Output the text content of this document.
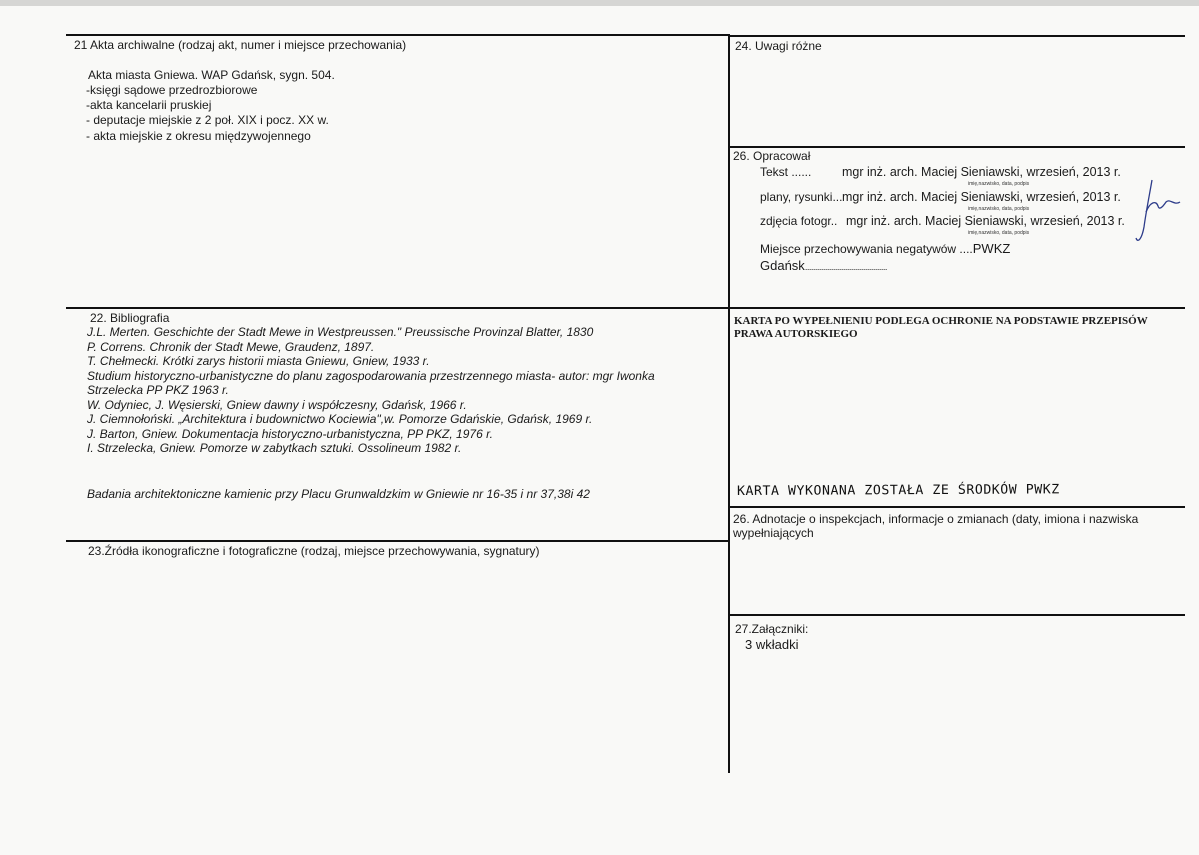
21 Akta archiwalne (rodzaj akt, numer i miejsce przechowania)
Akta miasta Gniewa. WAP Gdańsk, sygn. 504.
-księgi sądowe przedrozbiorowe
-akta kancelarii pruskiej
- deputacje miejskie z 2 poł. XIX i pocz. XX w.
- akta miejskie z okresu międzywojennego
22. Bibliografia
J.L. Merten. Geschichte der Stadt Mewe in Westpreussen." Preussische Provinzal Blatter, 1830
P. Correns. Chronik der Stadt Mewe, Graudenz, 1897.
T. Chełmecki. Krótki zarys historii miasta Gniewu, Gniew, 1933 r.
Studium historyczno-urbanistyczne do planu zagospodarowania przestrzennego miasta- autor: mgr Iwonka
Strzelecka PP PKZ 1963 r.
W. Odyniec, J. Węsierski, Gniew dawny i współczesny, Gdańsk, 1966 r.
J. Ciemnołoński. „Architektura i budownictwo Kociewia",w. Pomorze Gdańskie, Gdańsk, 1969 r.
J. Barton, Gniew. Dokumentacja historyczno-urbanistyczna, PP PKZ, 1976 r.
I. Strzelecka, Gniew. Pomorze w zabytkach sztuki. Ossolineum 1982 r.
Badania architektoniczne kamienic przy Placu Grunwaldzkim w Gniewie nr 16-35 i nr 37,38i 42
23.Źródła ikonograficzne i fotograficzne (rodzaj, miejsce przechowywania, sygnatury)
24. Uwagi różne
26. Opracował
Tekst ...... mgr inż. arch. Maciej Sieniawski, wrzesień, 2013 r.
imię,nazwisko, data, podpis
plany, rysunki...mgr inż. arch. Maciej Sieniawski, wrzesień, 2013 r.
imię,nazwisko, data, podpis
zdjęcia fotogr.. mgr inż. arch. Maciej Sieniawski, wrzesień, 2013 r.
imię,nazwisko, data, podpis
Miejsce przechowywania negatywów ....PWKZ
Gdańsk.........................................
KARTA PO WYPEŁNIENIU PODLEGA OCHRONIE NA PODSTAWIE PRZEPISÓW PRAWA AUTORSKIEGO
KARTA WYKONANA ZOSTAŁA ZE ŚRODKÓW PWKZ
26. Adnotacje o inspekcjach, informacje o zmianach (daty, imiona i nazwiska wypełniających
27.Załączniki:
3 wkładki
